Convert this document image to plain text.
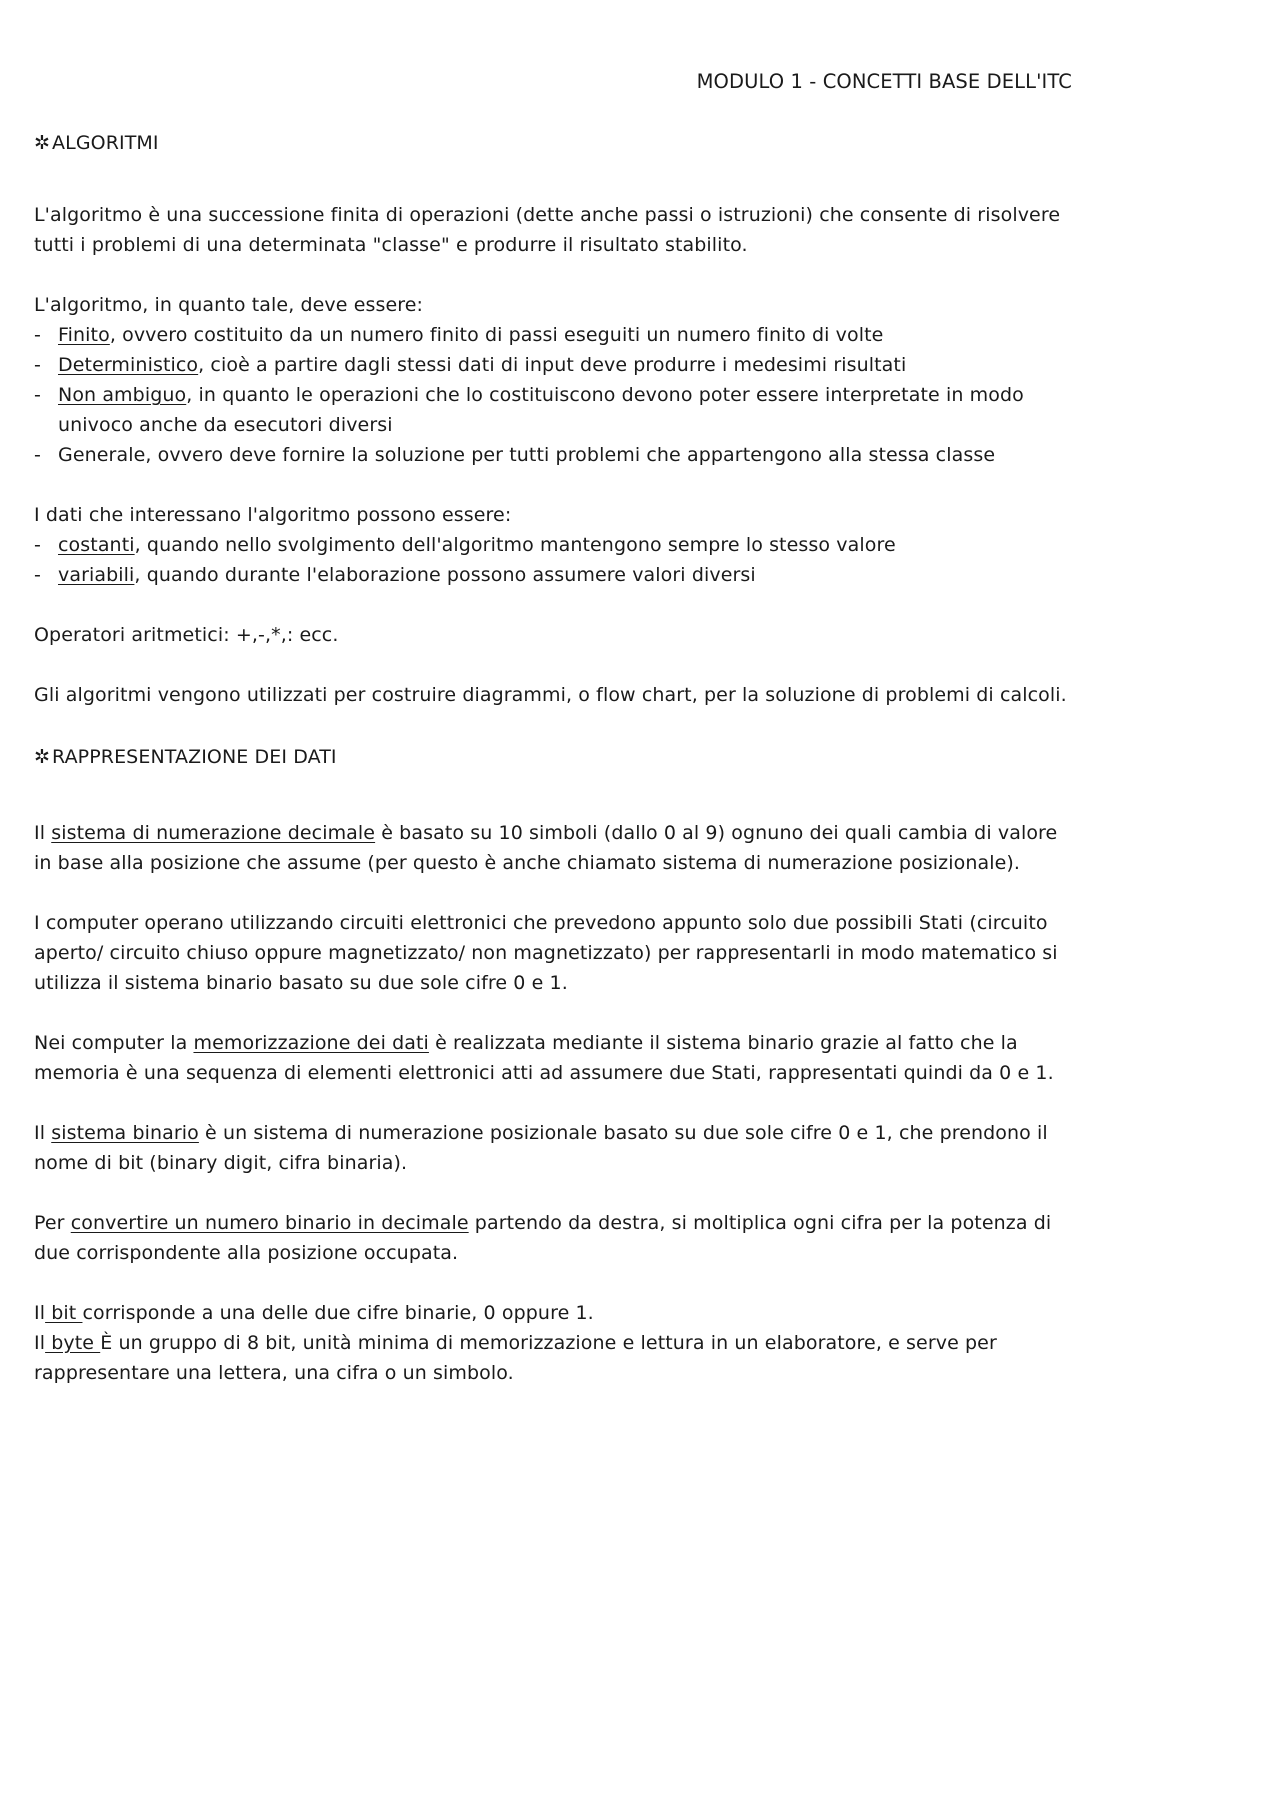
MODULO 1 - CONCETTI BASE DELL'ITC
✲ ALGORITMI

L'algoritmo è una successione finita di operazioni (dette anche passi o istruzioni) che consente di risolvere tutti i problemi di una determinata "classe" e produrre il risultato stabilito.

L'algoritmo, in quanto tale, deve essere:

- Finito, ovvero costituito da un numero finito di passi eseguiti un numero finito di volte
- Deterministico, cioè a partire dagli stessi dati di input deve produrre i medesimi risultati
- Non ambiguo, in quanto le operazioni che lo costituiscono devono poter essere interpretate in modo univoco anche da esecutori diversi
- Generale, ovvero deve fornire la soluzione per tutti problemi che appartengono alla stessa classe

I dati che interessano l'algoritmo possono essere:

- costanti, quando nello svolgimento dell'algoritmo mantengono sempre lo stesso valore
- variabili, quando durante l'elaborazione possono assumere valori diversi

Operatori aritmetici: +,-,*,: ecc.

Gli algoritmi vengono utilizzati per costruire diagrammi, o flow chart, per la soluzione di problemi di calcoli.

✲ RAPPRESENTAZIONE DEI DATI

Il sistema di numerazione decimale è basato su 10 simboli (dallo 0 al 9) ognuno dei quali cambia di valore in base alla posizione che assume (per questo è anche chiamato sistema di numerazione posizionale).

I computer operano utilizzando circuiti elettronici che prevedono appunto solo due possibili Stati (circuito aperto/ circuito chiuso oppure magnetizzato/ non magnetizzato) per rappresentarli in modo matematico si utilizza il sistema binario basato su due sole cifre 0 e 1.

Nei computer la memorizzazione dei dati è realizzata mediante il sistema binario grazie al fatto che la memoria è una sequenza di elementi elettronici atti ad assumere due Stati, rappresentati quindi da 0 e 1.

Il sistema binario è un sistema di numerazione posizionale basato su due sole cifre 0 e 1, che prendono il nome di bit (binary digit, cifra binaria).

Per convertire un numero binario in decimale partendo da destra, si moltiplica ogni cifra per la potenza di due corrispondente alla posizione occupata.

Il bit corrisponde a una delle due cifre binarie, 0 oppure 1.

Il byte È un gruppo di 8 bit, unità minima di memorizzazione e lettura in un elaboratore, e serve per rappresentare una lettera, una cifra o un simbolo.
